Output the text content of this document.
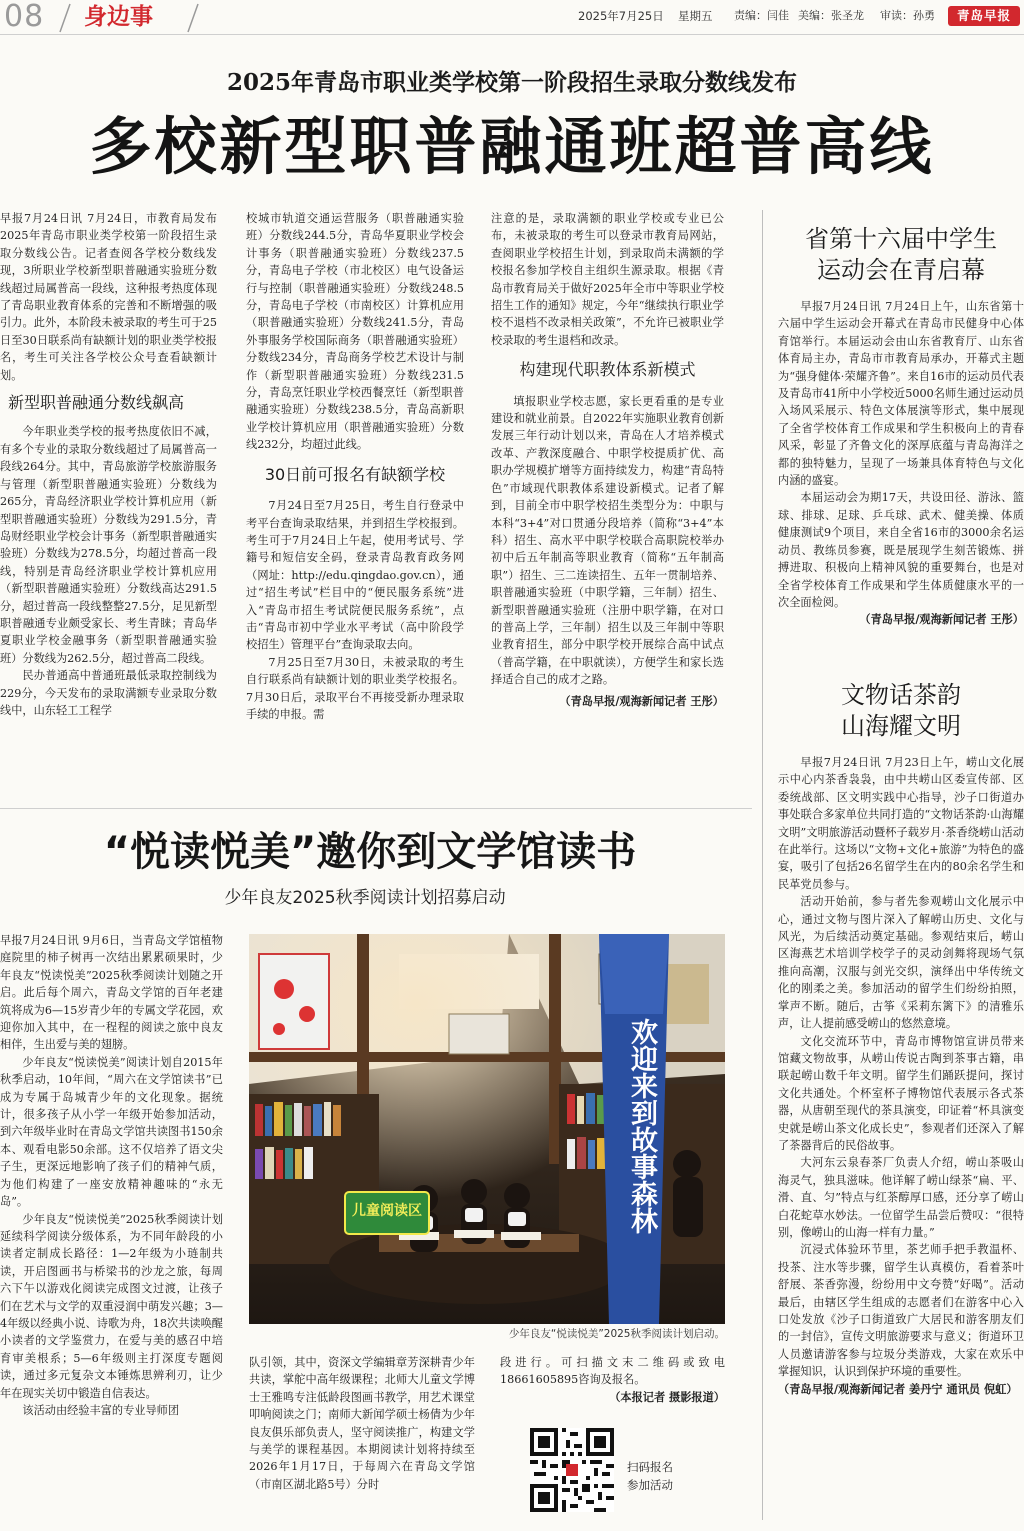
08 身边事	2025年7月25日 星期五 责编：闫佳 美编：张圣龙 审读：孙勇	青岛早报
2025年青岛市职业类学校第一阶段招生录取分数线发布
多校新型职普融通班超普高线

早报7月24日讯 7月24日，市教育局发布2025年青岛市职业类学校第一阶段招生录取分数线公告。记者查阅各学校分数线发现，3所职业学校新型职普融通实验班分数线超过局属普高一段线，这种报考热度体现了青岛职业教育体系的完善和不断增强的吸引力。此外，本阶段未被录取的考生可于25日至30日联系尚有缺额计划的职业类学校报名，考生可关注各学校公众号查看缺额计划。

新型职普融通分数线飙高

今年职业类学校的报考热度依旧不减，有多个专业的录取分数线超过了局属普高一段线264分。其中，青岛旅游学校旅游服务与管理（新型职普融通实验班）分数线为265分，青岛经济职业学校计算机应用（新型职普融通实验班）分数线为291.5分，青岛财经职业学校会计事务（新型职普融通实验班）分数线为278.5分，均超过普高一段线，特别是青岛经济职业学校计算机应用（新型职普融通实验班）分数线高达291.5分，超过普高一段线整整27.5分，足见新型职普融通专业颇受家长、考生青睐；青岛华夏职业学校金融事务（新型职普融通实验班）分数线为262.5分，超过普高二段线。

民办普通高中普通班最低录取控制线为229分，今天发布的录取满额专业录取分数线中，山东轻工工程学

校城市轨道交通运营服务（职普融通实验班）分数线244.5分，青岛华夏职业学校会计事务（职普融通实验班）分数线237.5分，青岛电子学校（市北校区）电气设备运行与控制（职普融通实验班）分数线248.5分，青岛电子学校（市南校区）计算机应用（职普融通实验班）分数线241.5分，青岛外事服务学校国际商务（职普融通实验班）分数线234分，青岛商务学校艺术设计与制作（新型职普融通实验班）分数线231.5分，青岛烹饪职业学校西餐烹饪（新型职普融通实验班）分数线238.5分，青岛高新职业学校计算机应用（职普融通实验班）分数线232分，均超过此线。

30日前可报名有缺额学校

7月24日至7月25日，考生自行登录中考平台查询录取结果，并到招生学校报到。考生可于7月24日上午起，使用考试号、学籍号和短信安全码，登录青岛教育政务网（网址：http://edu.qingdao.gov.cn），通过“招生考试”栏目中的“便民服务系统”进入“青岛市招生考试院便民服务系统”，点击“青岛市初中学业水平考试（高中阶段学校招生）管理平台”查询录取去向。

7月25日至7月30日，未被录取的考生自行联系尚有缺额计划的职业类学校报名。7月30日后，录取平台不再接受新办理录取手续的申报。需

注意的是，录取满额的职业学校或专业已公布，未被录取的考生可以登录市教育局网站，查阅职业学校招生计划，到录取尚未满额的学校报名参加学校自主组织生源录取。根据《青岛市教育局关于做好2025年全市中等职业学校招生工作的通知》规定，今年“继续执行职业学校不退档不改录相关政策”，不允许已被职业学校录取的考生退档和改录。

构建现代职教体系新模式

填报职业学校志愿，家长更看重的是专业建设和就业前景。自2022年实施职业教育创新发展三年行动计划以来，青岛在人才培养模式改革、产教深度融合、中职学校提质扩优、高职办学规模扩增等方面持续发力，构建“青岛特色”市域现代职教体系建设新模式。记者了解到，目前全市中职学校招生类型分为：中职与本科“3+4”对口贯通分段培养（简称“3+4”本科）招生、高水平中职学校联合高职院校举办初中后五年制高等职业教育（简称“五年制高职”）招生、三二连读招生、五年一贯制培养、职普融通实验班（中职学籍，三年制）招生、新型职普融通实验班（注册中职学籍，在对口的普高上学，三年制）招生以及三年制中等职业教育招生，部分中职学校开展综合高中试点（普高学籍，在中职就读），方便学生和家长选择适合自己的成才之路。

（青岛早报/观海新闻记者 王彤）

省第十六届中学生
运动会在青启幕

早报7月24日讯 7月24日上午，山东省第十六届中学生运动会开幕式在青岛市民健身中心体育馆举行。本届运动会由山东省教育厅、山东省体育局主办，青岛市市教育局承办，开幕式主题为“强身健体·荣耀齐鲁”。来自16市的运动员代表及青岛市41所中小学校近5000名师生通过运动员入场风采展示、特色文体展演等形式，集中展现了全省学校体育工作成果和学生积极向上的青春风采，彰显了齐鲁文化的深厚底蕴与青岛海洋之都的独特魅力，呈现了一场兼具体育特色与文化内涵的盛宴。

本届运动会为期17天，共设田径、游泳、篮球、排球、足球、乒乓球、武术、健美操、体质健康测试9个项目，来自全省16市的3000余名运动员、教练员参赛，既是展现学生刻苦锻炼、拼搏进取、积极向上精神风貌的重要舞台，也是对全省学校体育工作成果和学生体质健康水平的一次全面检阅。

（青岛早报/观海新闻记者 王彤）

文物话茶韵
山海耀文明

早报7月24日讯 7月23日上午，崂山文化展示中心内茶香袅袅，由中共崂山区委宣传部、区委统战部、区文明实践中心指导，沙子口街道办事处联合多家单位共同打造的“文物话茶韵·山海耀文明”文明旅游活动暨杯子载岁月·茶香绕崂山活动在此举行。这场以“文物+文化+旅游”为特色的盛宴，吸引了包括26名留学生在内的80余名学生和民革党员参与。

活动开始前，参与者先参观崂山文化展示中心，通过文物与图片深入了解崂山历史、文化与风光，为后续活动奠定基础。参观结束后，崂山区海燕艺术培训学校学子的灵动剑舞将现场气氛推向高潮，汉服与剑光交织，演绎出中华传统文化的刚柔之美。参加活动的留学生们纷纷拍照，掌声不断。随后，古筝《采莉东篱下》的清雅乐声，让人提前感受崂山的悠然意境。

文化交流环节中，青岛市博物馆宣讲员带来馆藏文物故事，从崂山传说古陶到茶事古籍，串联起崂山数千年文明。留学生们踊跃提问，探讨文化共通处。个杯室杯子博物馆代表展示各式茶器，从唐朝至现代的茶具演变，印证着“杯具演变史就是崂山茶文化成长史”，参观者们还深入了解了茶器背后的民俗故事。

大河东云泉春茶厂负责人介绍，崂山茶吸山海灵气，独具滋味。他详解了崂山绿茶“扁、平、滑、直、匀”特点与红茶醇厚口感，还分享了崂山白花蛇草水妙法。一位留学生品尝后赞叹：“很特别，像崂山的山海一样有力量。”

沉浸式体验环节里，茶艺师手把手教温杯、投茶、注水等步骤，留学生认真模仿，看着茶叶舒展、茶香弥漫，纷纷用中文夸赞“好喝”。活动最后，由辖区学生组成的志愿者们在游客中心入口处发放《沙子口街道致广大居民和游客朋友们的一封信》，宣传文明旅游要求与意义；街道环卫人员邀请游客参与垃圾分类游戏，大家在欢乐中掌握知识，认识到保护环境的重要性。

（青岛早报/观海新闻记者 姜丹宁 通讯员 倪虹）

“悦读悦美”邀你到文学馆读书
少年良友2025秋季阅读计划招募启动

早报7月24日讯 9月6日，当青岛文学馆植物庭院里的柿子树再一次结出累累硕果时，少年良友“悦读悦美”2025秋季阅读计划随之开启。此后每个周六，青岛文学馆的百年老建筑将成为6—15岁青少年的专属文学花园，欢迎你加入其中，在一程程的阅读之旅中良友相伴，生出爱与美的翅膀。

少年良友“悦读悦美”阅读计划自2015年秋季启动，10年间，“周六在文学馆读书”已成为专属于岛城青少年的文化现象。据统计，很多孩子从小学一年级开始参加活动，到六年级毕业时在青岛文学馆共读图书150余本、观看电影50余部。这不仅培养了语文尖子生，更深远地影响了孩子们的精神气质，为他们构建了一座安放精神趣味的“永无岛”。

少年良友“悦读悦美”2025秋季阅读计划延续科学阅读分级体系，为不同年龄段的小读者定制成长路径：1—2年级为小琏制共读，开启图画书与桥梁书的沙龙之旅，每周六下午以游戏化阅读完成图文过渡，让孩子们在艺术与文学的双重浸润中萌发兴趣；3—4年级以经典小说、诗歌为舟，18次共读唤醒小读者的文学鉴赏力，在爱与美的感召中培育审美根系；5—6年级则主打深度专题阅读，通过多元复杂文本锤炼思辨利刃，让少年在现实关切中锻造自信表达。

该活动由经验丰富的专业导师团

欢迎来到故事森林
儿童阅读区
少年良友“悦读悦美”2025秋季阅读计划启动。

队引领，其中，资深文学编辑章芳深耕青少年共读，掌舵中高年级课程；北师大儿童文学博士王雅鸣专注低龄段图画书教学，用艺术课堂叩响阅读之门；南师大新闻学硕士杨倩为少年良友俱乐部负责人，坚守阅读推广，构建文学与美学的课程基因。本期阅读计划将持续至2026年1月17日，于每周六在青岛文学馆（市南区湖北路5号）分时

段进行。可扫描文末二维码或致电18661605895咨询及报名。

（本报记者 摄影报道）

扫码报名
参加活动
